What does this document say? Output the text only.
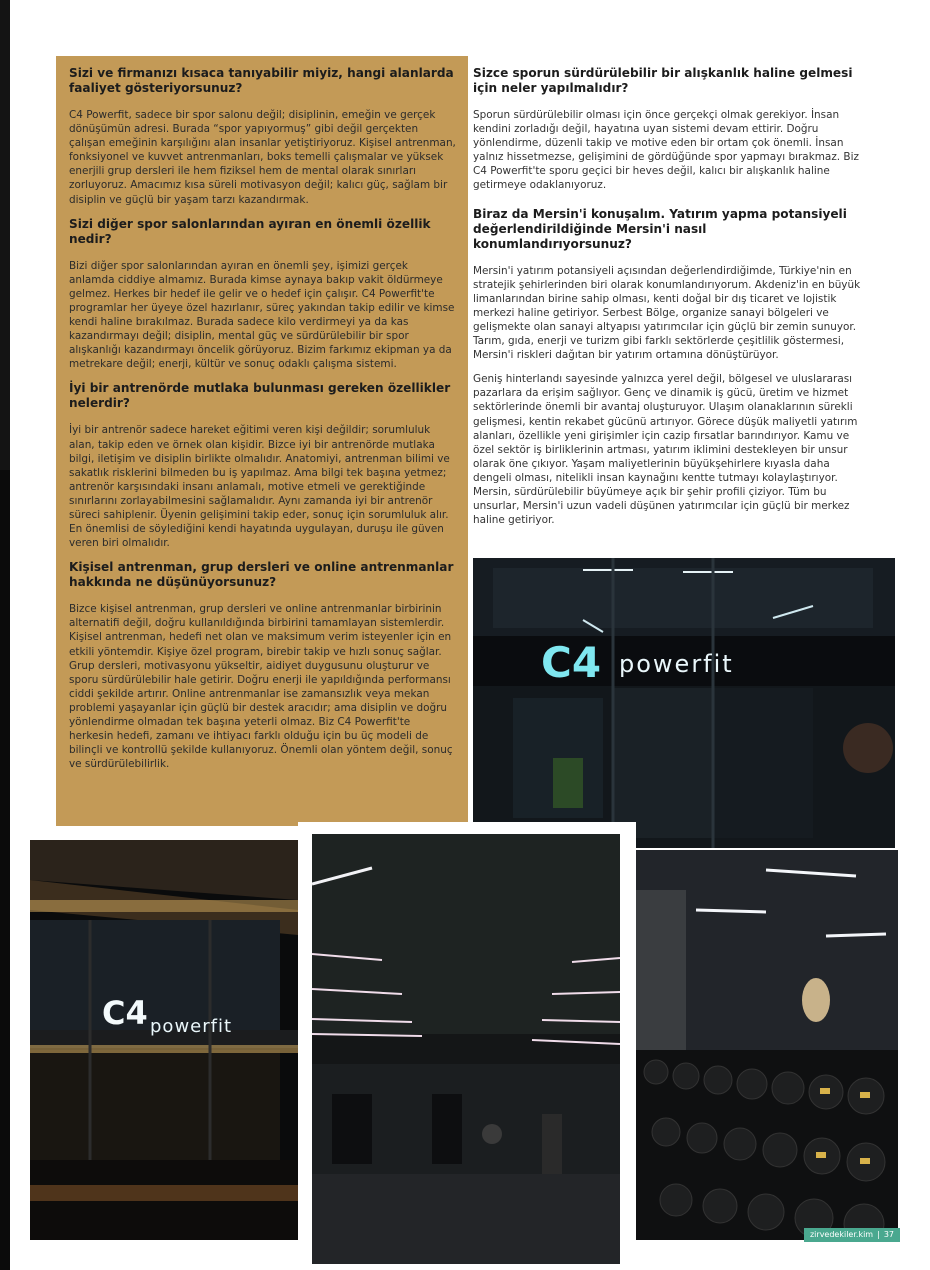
Sizi ve firmanızı kısaca tanıyabilir miyiz, hangi alanlarda faaliyet gösteriyorsunuz?

C4 Powerfit, sadece bir spor salonu değil; disiplinin, emeğin ve gerçek dönüşümün adresi. Burada “spor yapıyormuş” gibi değil gerçekten çalışan emeğinin karşılığını alan insanlar yetiştiriyoruz. Kişisel antrenman, fonksiyonel ve kuvvet antrenmanları, boks temelli çalışmalar ve yüksek enerjili grup dersleri ile hem fiziksel hem de mental olarak sınırları zorluyoruz. Amacımız kısa süreli motivasyon değil; kalıcı güç, sağlam bir disiplin ve güçlü bir yaşam tarzı kazandırmak.

Sizi diğer spor salonlarından ayıran en önemli özellik nedir?

Bizi diğer spor salonlarından ayıran en önemli şey, işimizi gerçek anlamda ciddiye almamız. Burada kimse aynaya bakıp vakit öldürmeye gelmez. Herkes bir hedef ile gelir ve o hedef için çalışır. C4 Powerfit'te programlar her üyeye özel hazırlanır, süreç yakından takip edilir ve kimse kendi haline bırakılmaz. Burada sadece kilo verdirmeyi ya da kas kazandırmayı değil; disiplin, mental güç ve sürdürülebilir bir spor alışkanlığı kazandırmayı öncelik görüyoruz. Bizim farkımız ekipman ya da metrekare değil; enerji, kültür ve sonuç odaklı çalışma sistemi.

İyi bir antrenörde mutlaka bulunması gereken özellikler nelerdir?

İyi bir antrenör sadece hareket eğitimi veren kişi değildir; sorumluluk alan, takip eden ve örnek olan kişidir. Bizce iyi bir antrenörde mutlaka bilgi, iletişim ve disiplin birlikte olmalıdır. Anatomiyi, antrenman bilimi ve sakatlık risklerini bilmeden bu iş yapılmaz. Ama bilgi tek başına yetmez; antrenör karşısındaki insanı anlamalı, motive etmeli ve gerektiğinde sınırlarını zorlayabilmesini sağlamalıdır. Aynı zamanda iyi bir antrenör süreci sahiplenir. Üyenin gelişimini takip eder, sonuç için sorumluluk alır. En önemlisi de söylediğini kendi hayatında uygulayan, duruşu ile güven veren biri olmalıdır.

Kişisel antrenman, grup dersleri ve online antrenmanlar hakkında ne düşünüyorsunuz?

Bizce kişisel antrenman, grup dersleri ve online antrenmanlar birbirinin alternatifi değil, doğru kullanıldığında birbirini tamamlayan sistemlerdir. Kişisel antrenman, hedefi net olan ve maksimum verim isteyenler için en etkili yöntemdir. Kişiye özel program, birebir takip ve hızlı sonuç sağlar. Grup dersleri, motivasyonu yükseltir, aidiyet duygusunu oluşturur ve sporu sürdürülebilir hale getirir. Doğru enerji ile yapıldığında performansı ciddi şekilde artırır. Online antrenmanlar ise zamansızlık veya mekan problemi yaşayanlar için güçlü bir destek aracıdır; ama disiplin ve doğru yönlendirme olmadan tek başına yeterli olmaz. Biz C4 Powerfit'te herkesin hedefi, zamanı ve ihtiyacı farklı olduğu için bu üç modeli de bilinçli ve kontrollü şekilde kullanıyoruz. Önemli olan yöntem değil, sonuç ve sürdürülebilirlik.

Sizce sporun sürdürülebilir bir alışkanlık haline gelmesi için neler yapılmalıdır?

Sporun sürdürülebilir olması için önce gerçekçi olmak gerekiyor. İnsan kendini zorladığı değil, hayatına uyan sistemi devam ettirir. Doğru yönlendirme, düzenli takip ve motive eden bir ortam çok önemli. İnsan yalnız hissetmezse, gelişimini de gördüğünde spor yapmayı bırakmaz. Biz C4 Powerfit'te sporu geçici bir heves değil, kalıcı bir alışkanlık haline getirmeye odaklanıyoruz.

Biraz da Mersin'i konuşalım. Yatırım yapma potansiyeli değerlendirildiğinde Mersin'i nasıl konumlandırıyorsunuz?

Mersin'i yatırım potansiyeli açısından değerlendirdiğimde, Türkiye'nin en stratejik şehirlerinden biri olarak konumlandırıyorum. Akdeniz'in en büyük limanlarından birine sahip olması, kenti doğal bir dış ticaret ve lojistik merkezi haline getiriyor. Serbest Bölge, organize sanayi bölgeleri ve gelişmekte olan sanayi altyapısı yatırımcılar için güçlü bir zemin sunuyor. Tarım, gıda, enerji ve turizm gibi farklı sektörlerde çeşitlilik göstermesi, Mersin'i riskleri dağıtan bir yatırım ortamına dönüştürüyor.

Geniş hinterlandı sayesinde yalnızca yerel değil, bölgesel ve uluslararası pazarlara da erişim sağlıyor. Genç ve dinamik iş gücü, üretim ve hizmet sektörlerinde önemli bir avantaj oluşturuyor. Ulaşım olanaklarının sürekli gelişmesi, kentin rekabet gücünü artırıyor. Görece düşük maliyetli yatırım alanları, özellikle yeni girişimler için cazip fırsatlar barındırıyor. Kamu ve özel sektör iş birliklerinin artması, yatırım iklimini destekleyen bir unsur olarak öne çıkıyor. Yaşam maliyetlerinin büyükşehirlere kıyasla daha dengeli olması, nitelikli insan kaynağını kentte tutmayı kolaylaştırıyor. Mersin, sürdürülebilir büyümeye açık bir şehir profili çiziyor. Tüm bu unsurlar, Mersin'i uzun vadeli düşünen yatırımcılar için güçlü bir merkez haline getiriyor.

C4 powerfit
C4 powerfit
zirvedekiler.kim | 37
